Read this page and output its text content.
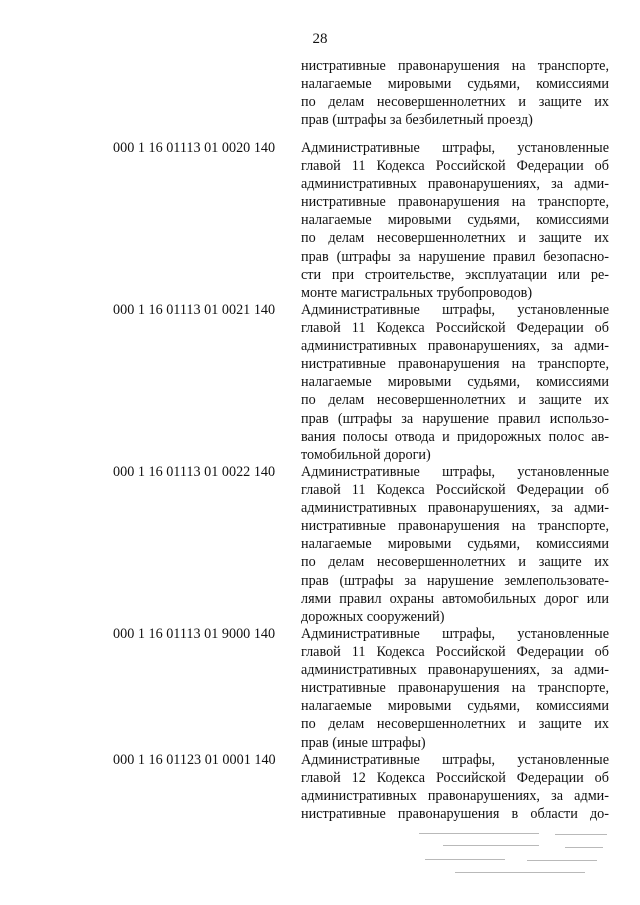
28
нистративные правонарушения на транспорте,
налагаемые мировыми судьями, комиссиями
по делам несовершеннолетних и защите их
прав (штрафы за безбилетный проезд)
000 1 16 01113 01 0020 140 Административные штрафы, установленные
главой 11 Кодекса Российской Федерации об
административных правонарушениях, за адми-
нистративные правонарушения на транспорте,
налагаемые мировыми судьями, комиссиями
по делам несовершеннолетних и защите их
прав (штрафы за нарушение правил безопасно-
сти при строительстве, эксплуатации или ре-
монте магистральных трубопроводов)
000 1 16 01113 01 0021 140 Административные штрафы, установленные
главой 11 Кодекса Российской Федерации об
административных правонарушениях, за адми-
нистративные правонарушения на транспорте,
налагаемые мировыми судьями, комиссиями
по делам несовершеннолетних и защите их
прав (штрафы за нарушение правил использо-
вания полосы отвода и придорожных полос ав-
томобильной дороги)
000 1 16 01113 01 0022 140 Административные штрафы, установленные
главой 11 Кодекса Российской Федерации об
административных правонарушениях, за адми-
нистративные правонарушения на транспорте,
налагаемые мировыми судьями, комиссиями
по делам несовершеннолетних и защите их
прав (штрафы за нарушение землепользовате-
лями правил охраны автомобильных дорог или
дорожных сооружений)
000 1 16 01113 01 9000 140 Административные штрафы, установленные
главой 11 Кодекса Российской Федерации об
административных правонарушениях, за адми-
нистративные правонарушения на транспорте,
налагаемые мировыми судьями, комиссиями
по делам несовершеннолетних и защите их
прав (иные штрафы)
000 1 16 01123 01 0001 140 Административные штрафы, установленные
главой 12 Кодекса Российской Федерации об
административных правонарушениях, за адми-
нистративные правонарушения в области до-
